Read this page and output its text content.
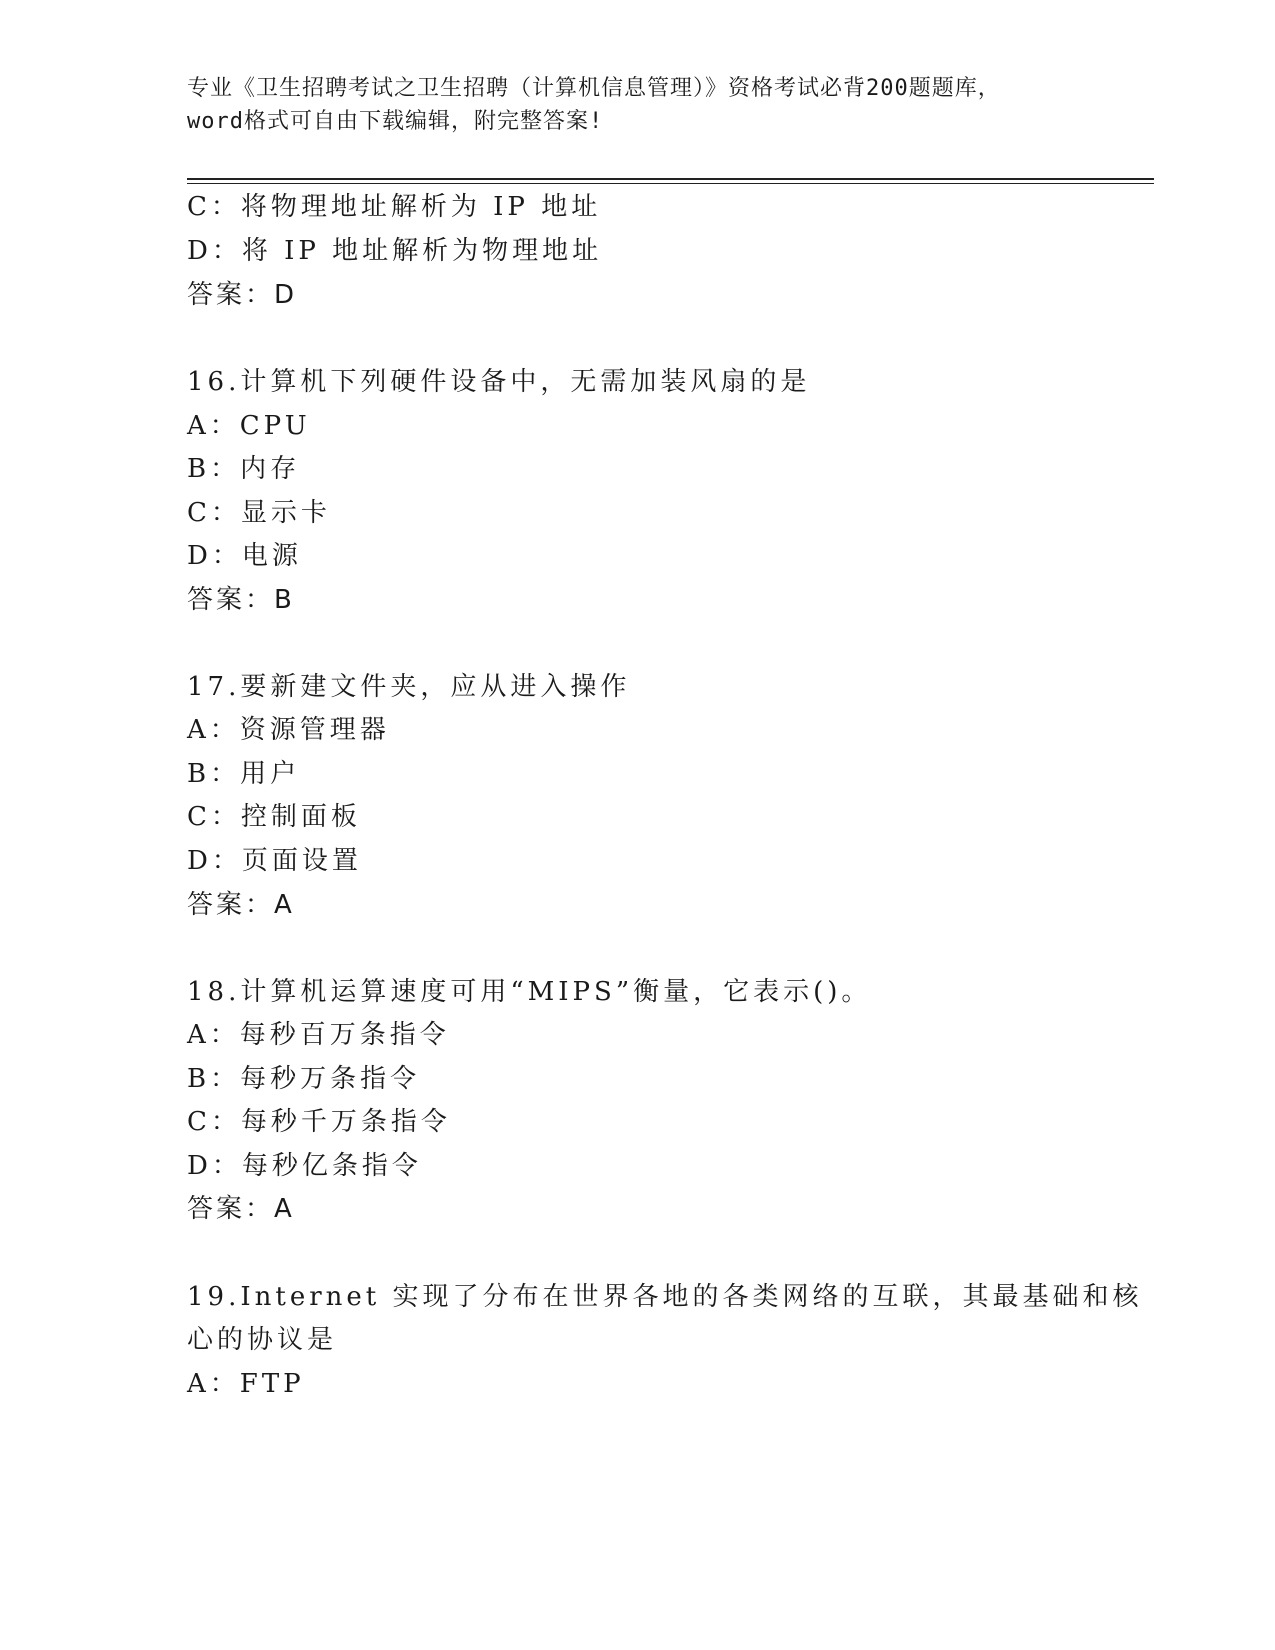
专业《卫生招聘考试之卫生招聘（计算机信息管理）》资格考试必背200题题库，
word格式可自由下载编辑，附完整答案!
C：将物理地址解析为 IP 地址
D：将 IP 地址解析为物理地址
答案：D
16.计算机下列硬件设备中，无需加装风扇的是
A：CPU
B：内存
C：显示卡
D：电源
答案：B
17.要新建文件夹，应从进入操作
A：资源管理器
B：用户
C：控制面板
D：页面设置
答案：A
18.计算机运算速度可用“MIPS”衡量，它表示()。
A：每秒百万条指令
B：每秒万条指令
C：每秒千万条指令
D：每秒亿条指令
答案：A
19.Internet 实现了分布在世界各地的各类网络的互联，其最基础和核
心的协议是
A：FTP
